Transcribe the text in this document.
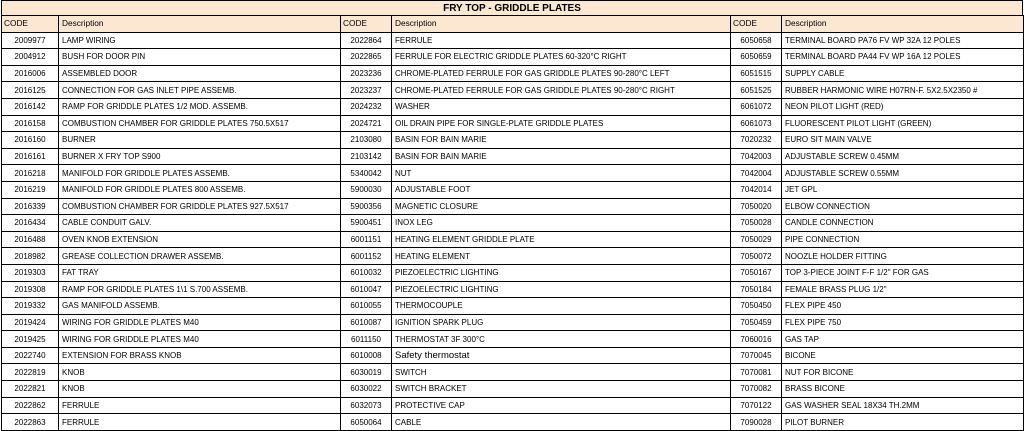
FRY TOP - GRIDDLE PLATES
CODE	Description	CODE	Description	CODE	Description
2009977	LAMP WIRING	2022864	FERRULE	6050658	TERMINAL BOARD PA76 FV WP 32A 12 POLES
2004912	BUSH FOR DOOR PIN	2022865	FERRULE FOR ELECTRIC GRIDDLE PLATES 60-320°C RIGHT	6050659	TERMINAL BOARD PA44 FV WP 16A 12 POLES
2016006	ASSEMBLED DOOR	2023236	CHROME-PLATED FERRULE FOR GAS GRIDDLE PLATES 90-280°C LEFT	6051515	SUPPLY CABLE
2016125	CONNECTION FOR GAS INLET PIPE ASSEMB.	2023237	CHROME-PLATED FERRULE FOR GAS GRIDDLE PLATES 90-280°C RIGHT	6051525	RUBBER HARMONIC WIRE H07RN-F. 5X2.5X2350 #
2016142	RAMP FOR GRIDDLE PLATES 1/2 MOD. ASSEMB.	2024232	WASHER	6061072	NEON PILOT LIGHT (RED)
2016158	COMBUSTION CHAMBER FOR GRIDDLE PLATES 750.5X517	2024721	OIL DRAIN PIPE FOR SINGLE-PLATE GRIDDLE PLATES	6061073	FLUORESCENT PILOT LIGHT (GREEN)
2016160	BURNER	2103080	BASIN FOR BAIN MARIE	7020232	EURO SIT MAIN VALVE
2016161	BURNER X FRY TOP S900	2103142	BASIN FOR BAIN MARIE	7042003	ADJUSTABLE SCREW 0.45MM
2016218	MANIFOLD FOR GRIDDLE PLATES ASSEMB.	5340042	NUT	7042004	ADJUSTABLE SCREW 0.55MM
2016219	MANIFOLD FOR GRIDDLE PLATES 800 ASSEMB.	5900030	ADJUSTABLE FOOT	7042014	JET GPL
2016339	COMBUSTION CHAMBER FOR GRIDDLE PLATES 927.5X517	5900356	MAGNETIC CLOSURE	7050020	ELBOW CONNECTION
2016434	CABLE CONDUIT GALV.	5900451	INOX LEG	7050028	CANDLE CONNECTION
2016488	OVEN KNOB EXTENSION	6001151	HEATING ELEMENT GRIDDLE PLATE	7050029	PIPE CONNECTION
2018982	GREASE COLLECTION DRAWER ASSEMB.	6001152	HEATING ELEMENT	7050072	NOOZLE HOLDER FITTING
2019303	FAT TRAY	6010032	PIEZOELECTRIC LIGHTING	7050167	TOP 3-PIECE JOINT F-F 1/2" FOR GAS
2019308	RAMP FOR GRIDDLE PLATES 1\1 S.700 ASSEMB.	6010047	PIEZOELECTRIC LIGHTING	7050184	FEMALE BRASS PLUG 1/2"
2019332	GAS MANIFOLD ASSEMB.	6010055	THERMOCOUPLE	7050450	FLEX PIPE 450
2019424	WIRING FOR GRIDDLE PLATES M40	6010087	IGNITION SPARK PLUG	7050459	FLEX PIPE 750
2019425	WIRING FOR GRIDDLE PLATES M40	6011150	THERMOSTAT 3F 300°C	7060016	GAS TAP
2022740	EXTENSION FOR BRASS KNOB	6010008	Safety thermostat	7070045	BICONE
2022819	KNOB	6030019	SWITCH	7070081	NUT FOR BICONE
2022821	KNOB	6030022	SWITCH BRACKET	7070082	BRASS BICONE
2022862	FERRULE	6032073	PROTECTIVE CAP	7070122	GAS WASHER SEAL 18X34 TH.2MM
2022863	FERRULE	6050064	CABLE	7090028	PILOT BURNER
